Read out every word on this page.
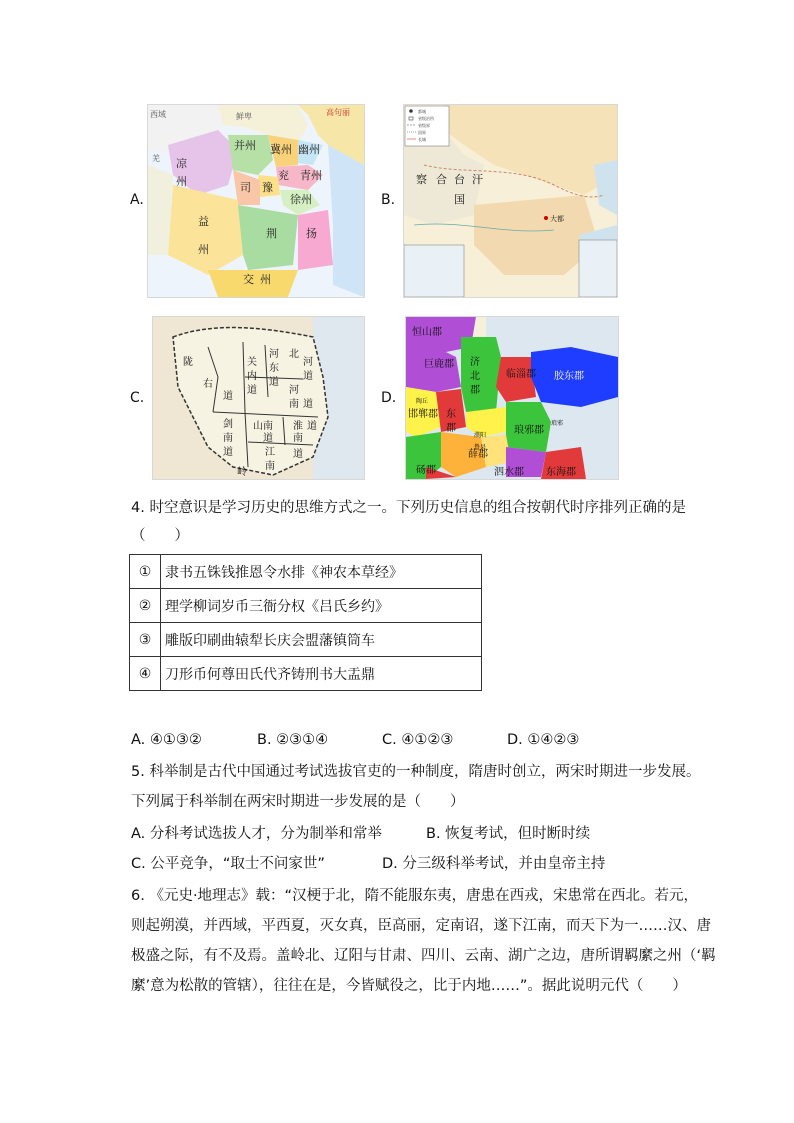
A.
凉
州
并州 冀州 幽州
青州
兖
豫
徐州
司
荆	扬
益
州
交 州
鲜卑	高句丽
西域
羌
B.
都城
省级治所
省级界
国界
长城
察 合 台 汗
国
大都
C.
陇
右
道
关
内
道
河
东
道
北
河
道
河
南 道
剑
南
道
山南
道
淮
南
道
江
南
道
岭
D.
恒山郡
巨鹿郡 济
北
郡
临淄郡 胶东郡
邯郸郡 东
郡	琅邪郡
薛郡
砀郡	泗水郡 东海郡
陶丘
濮阳
鲁县
琅邪
4. 时空意识是学习历史的思维方式之一。下列历史信息的组合按朝代时序排列正确的是
（　　）
①	隶书五铢钱推恩令水排《神农本草经》
②	理学柳词岁币三衙分权《吕氏乡约》
③	雕版印刷曲辕犁长庆会盟藩镇筒车
④	刀形币何尊田氏代齐铸刑书大盂鼎
A. ④①③②	B. ②③①④	C. ④①②③	D. ①④②③
5. 科举制是古代中国通过考试选拔官吏的一种制度，隋唐时创立，两宋时期进一步发展。
下列属于科举制在两宋时期进一步发展的是（　　）
A. 分科考试选拔人才，分为制举和常举	B. 恢复考试，但时断时续
C. 公平竞争，“取士不问家世”	D. 分三级科举考试，并由皇帝主持
6. 《元史·地理志》载：“汉梗于北，隋不能服东夷，唐患在西戎，宋患常在西北。若元，
则起朔漠，并西域，平西夏，灭女真，臣高丽，定南诏，遂下江南，而天下为一……汉、唐
极盛之际，有不及焉。盖岭北、辽阳与甘肃、四川、云南、湖广之边，唐所谓羁縻之州（‘羁
縻’意为松散的管辖），往往在是，今皆赋役之，比于内地……”。据此说明元代（　　）
